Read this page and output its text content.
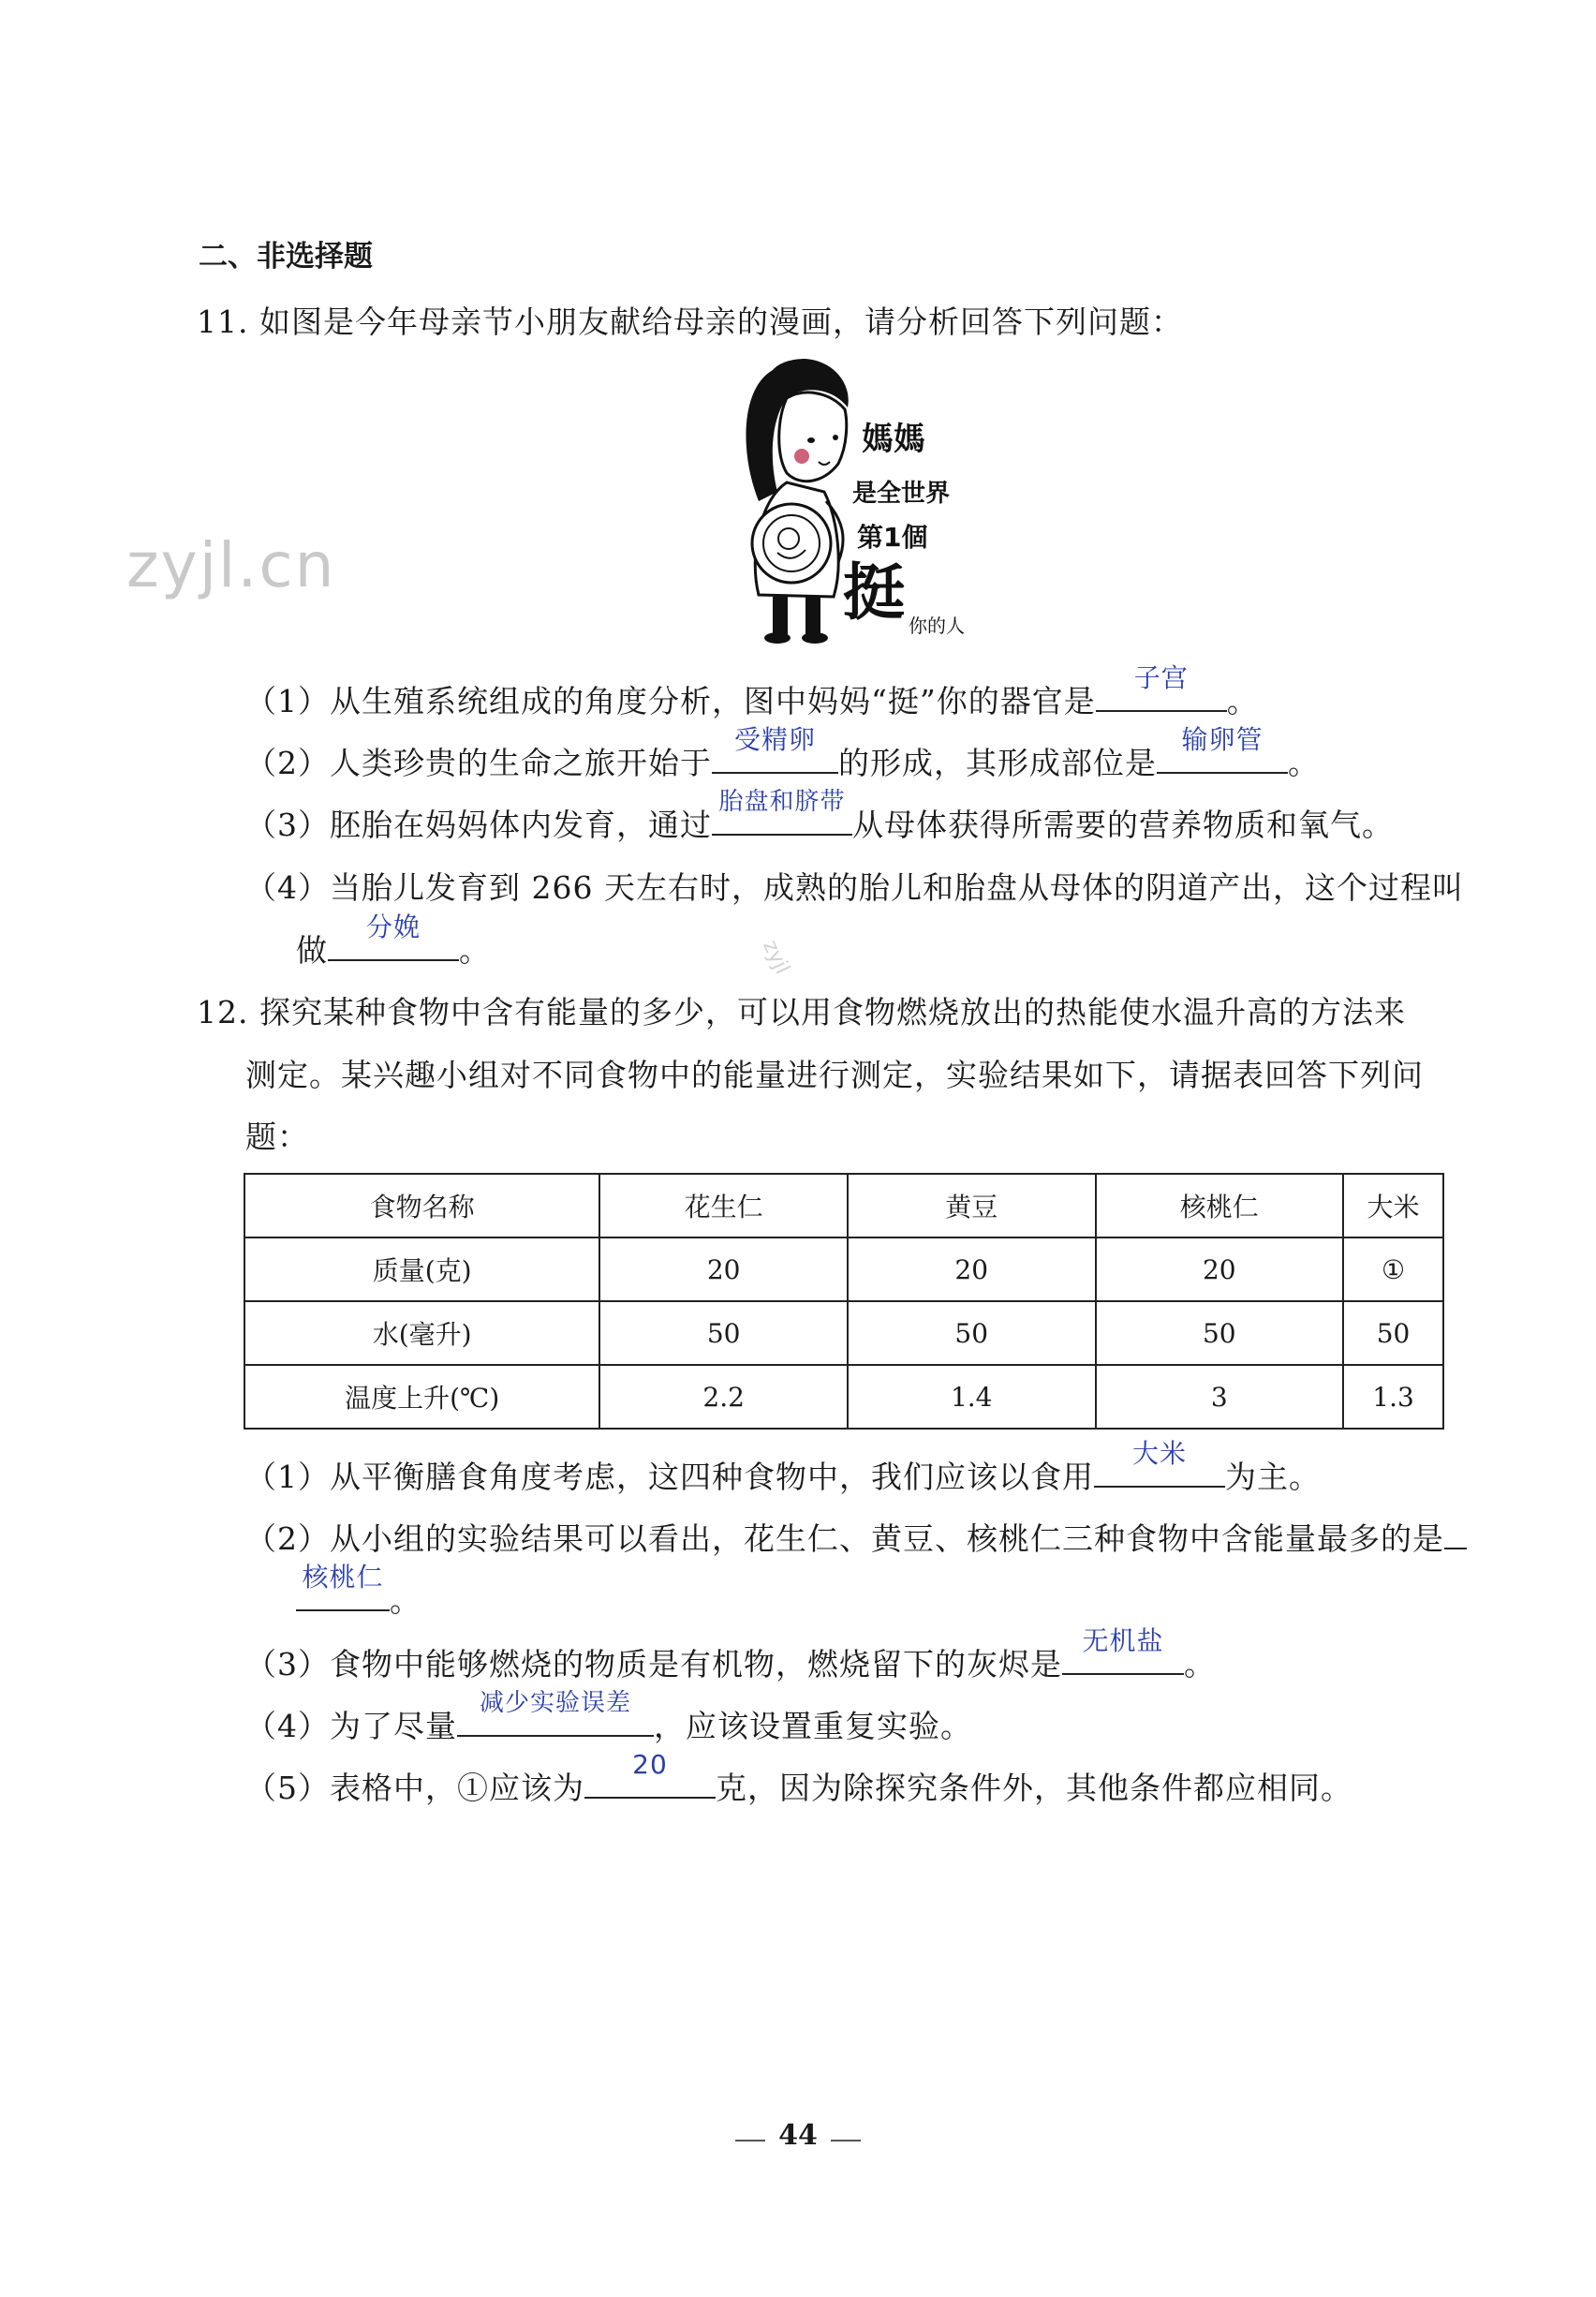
zyjl.cn
zyjl
二、非选择题
11. 如图是今年母亲节小朋友献给母亲的漫画，请分析回答下列问题：
媽媽
是全世界
第1個
挺 你的人
（1）从生殖系统组成的角度分析，图中妈妈“挺”你的器官是
子宫
。
（2）人类珍贵的生命之旅开始于
受精卵
的形成，其形成部位是
输卵管
。
（3）胚胎在妈妈体内发育，通过
胎盘和脐带
从母体获得所需要的营养物质和氧气。
（4）当胎儿发育到 266 天左右时，成熟的胎儿和胎盘从母体的阴道产出，这个过程叫
做
分娩
。
12. 探究某种食物中含有能量的多少，可以用食物燃烧放出的热能使水温升高的方法来
测定。某兴趣小组对不同食物中的能量进行测定，实验结果如下，请据表回答下列问
题：
食物名称	花生仁	黄豆	核桃仁	大米
质量(克)	20	20	20	①
水(毫升)	50	50	50	50
温度上升(℃)	2.2	1.4	3	1.3
（1）从平衡膳食角度考虑，这四种食物中，我们应该以食用
大米
为主。
（2）从小组的实验结果可以看出，花生仁、黄豆、核桃仁三种食物中含能量最多的是
核桃仁
。
（3）食物中能够燃烧的物质是有机物，燃烧留下的灰烬是
无机盐
。
（4）为了尽量
减少实验误差
，应该设置重复实验。
（5）表格中，①应该为
20
克，因为除探究条件外，其他条件都应相同。
44
